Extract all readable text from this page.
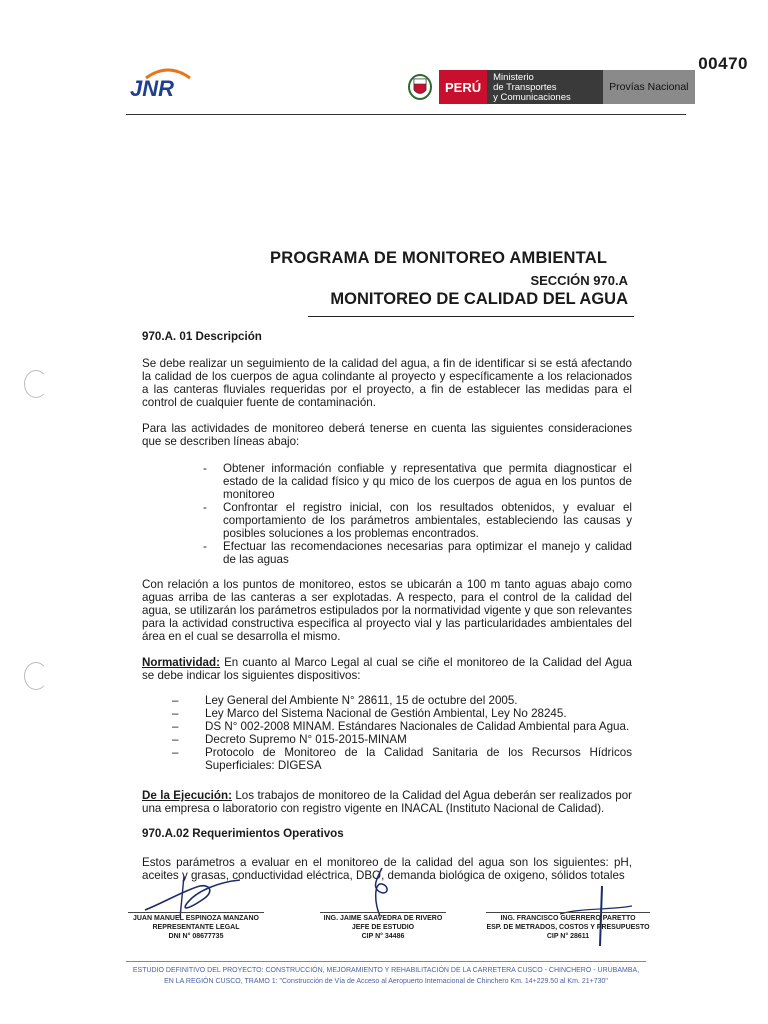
00470
JNR	PERÚ
Ministerio
de Transportes
y Comunicaciones
Provías Nacional
PROGRAMA DE MONITOREO AMBIENTAL
SECCIÓN 970.A
MONITOREO DE CALIDAD DEL AGUA
970.A. 01 Descripción
Se debe realizar un seguimiento de la calidad del agua, a fin de identificar si se está afectando la calidad de los cuerpos de agua colindante al proyecto y específicamente a los relacionados a las canteras fluviales requeridas por el proyecto, a fin de establecer las medidas para el control de cualquier fuente de contaminación.
Para las actividades de monitoreo deberá tenerse en cuenta las siguientes consideraciones que se describen líneas abajo:
- Obtener información confiable y representativa que permita diagnosticar el estado de la calidad físico y qu mico de los cuerpos de agua en los puntos de monitoreo
- Confrontar el registro inicial, con los resultados obtenidos, y evaluar el comportamiento de los parámetros ambientales, estableciendo las causas y posibles soluciones a los problemas encontrados.
- Efectuar las recomendaciones necesarias para optimizar el manejo y calidad de las aguas
Con relación a los puntos de monitoreo, estos se ubicarán a 100 m tanto aguas abajo como aguas arriba de las canteras a ser explotadas. A respecto, para el control de la calidad del agua, se utilizarán los parámetros estipulados por la normatividad vigente y que son relevantes para la actividad constructiva especifica al proyecto vial y las particularidades ambientales del área en el cual se desarrolla el mismo.
Normatividad: En cuanto al Marco Legal al cual se ciñe el monitoreo de la Calidad del Agua se debe indicar los siguientes dispositivos:
– Ley General del Ambiente N° 28611, 15 de octubre del 2005.
– Ley Marco del Sistema Nacional de Gestión Ambiental, Ley No 28245.
– DS N° 002-2008 MINAM. Estándares Nacionales de Calidad Ambiental para Agua.
– Decreto Supremo N° 015-2015-MINAM
– Protocolo de Monitoreo de la Calidad Sanitaria de los Recursos Hídricos Superficiales: DIGESA
De la Ejecución: Los trabajos de monitoreo de la Calidad del Agua deberán ser realizados por una empresa o laboratorio con registro vigente en INACAL (Instituto Nacional de Calidad).
970.A.02 Requerimientos Operativos
Estos parámetros a evaluar en el monitoreo de la calidad del agua son los siguientes: pH, aceites y grasas, conductividad eléctrica, DBO, demanda biológica de oxigeno, sólidos totales
JUAN MANUEL ESPINOZA MANZANO
REPRESENTANTE LEGAL
DNI N° 08677735
ING. JAIME SAAVEDRA DE RIVERO
JEFE DE ESTUDIO
CIP N° 34486
ING. FRANCISCO GUERRERO PARETTO
ESP. DE METRADOS, COSTOS Y PRESUPUESTO
CIP N° 28611
ESTUDIO DEFINITIVO DEL PROYECTO: CONSTRUCCIÓN, MEJORAMIENTO Y REHABILITACIÓN DE LA CARRETERA CUSCO - CHINCHERO - URUBAMBA,
EN LA REGIÓN CUSCO, TRAMO 1: "Construcción de Vía de Acceso al Aeropuerto Internacional de Chinchero Km. 14+229.50 al Km. 21+730"
